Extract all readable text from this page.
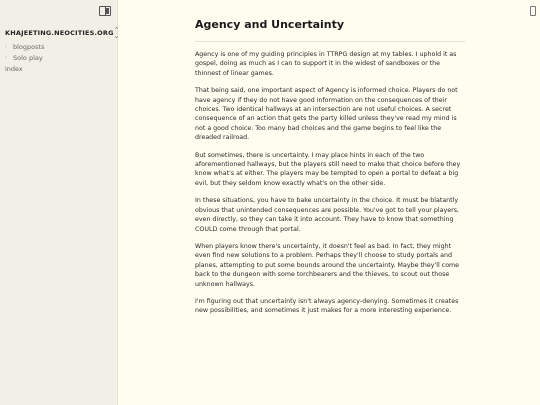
KHAJEETING.NEOCITIES.ORG ⌃
⌄
› blogposts
› Solo play
index
Agency and Uncertainty

Agency is one of my guiding principles in TTRPG design at my tables. I uphold it as gospel, doing as much as I can to support it in the widest of sandboxes or the thinnest of linear games.

That being said, one important aspect of Agency is informed choice. Players do not have agency if they do not have good information on the consequences of their choices. Two identical hallways at an intersection are not useful choices. A secret consequence of an action that gets the party killed unless they've read my mind is not a good choice. Too many bad choices and the game begins to feel like the dreaded railroad.

But sometimes, there is uncertainty. I may place hints in each of the two aforementioned hallways, but the players still need to make that choice before they know what's at either. The players may be tempted to open a portal to defeat a big evil, but they seldom know exactly what's on the other side.

In these situations, you have to bake uncertainty in the choice. It must be blatantly obvious that unintended consequences are possible. You've got to tell your players, even directly, so they can take it into account. They have to know that something COULD come through that portal.

When players know there's uncertainty, it doesn't feel as bad. In fact, they might even find new solutions to a problem. Perhaps they'll choose to study portals and planes, attempting to put some bounds around the uncertainty. Maybe they'll come back to the dungeon with some torchbearers and the thieves, to scout out those unknown hallways.

I'm figuring out that uncertainty isn't always agency-denying. Sometimes it creates new possibilities, and sometimes it just makes for a more interesting experience.
